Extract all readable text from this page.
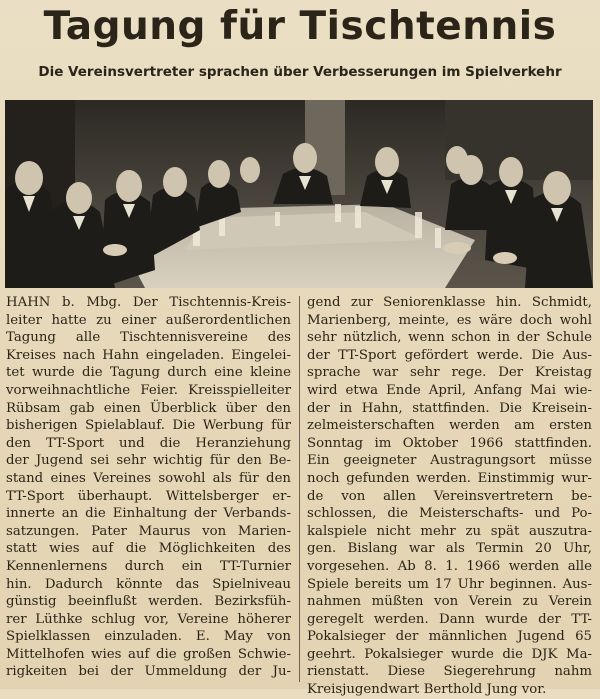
Tagung für Tischtennis
Die Vereinsvertreter sprachen über Verbesserungen im Spielverkehr
HAHN b. Mbg. Der Tischtennis-Kreis-
leiter hatte zu einer außerordentlichen
Tagung alle Tischtennisvereine des
Kreises nach Hahn eingeladen. Eingelei-
tet wurde die Tagung durch eine kleine
vorweihnachtliche Feier. Kreisspielleiter
Rübsam gab einen Überblick über den
bisherigen Spielablauf. Die Werbung für
den TT-Sport und die Heranziehung
der Jugend sei sehr wichtig für den Be-
stand eines Vereines sowohl als für den
TT-Sport überhaupt. Wittelsberger er-
innerte an die Einhaltung der Verbands-
satzungen. Pater Maurus von Marien-
statt wies auf die Möglichkeiten des
Kennenlernens durch ein TT-Turnier
hin. Dadurch könnte das Spielniveau
günstig beeinflußt werden. Bezirksfüh-
rer Lüthke schlug vor, Vereine höherer
Spielklassen einzuladen. E. May von
Mittelhofen wies auf die großen Schwie-
rigkeiten bei der Ummeldung der Ju-
gend zur Seniorenklasse hin. Schmidt,
Marienberg, meinte, es wäre doch wohl
sehr nützlich, wenn schon in der Schule
der TT-Sport gefördert werde. Die Aus-
sprache war sehr rege. Der Kreistag
wird etwa Ende April, Anfang Mai wie-
der in Hahn, stattfinden. Die Kreisein-
zelmeisterschaften werden am ersten
Sonntag im Oktober 1966 stattfinden.
Ein geeigneter Austragungsort müsse
noch gefunden werden. Einstimmig wur-
de von allen Vereinsvertretern be-
schlossen, die Meisterschafts- und Po-
kalspiele nicht mehr zu spät auszutra-
gen. Bislang war als Termin 20 Uhr,
vorgesehen. Ab 8. 1. 1966 werden alle
Spiele bereits um 17 Uhr beginnen. Aus-
nahmen müßten von Verein zu Verein
geregelt werden. Dann wurde der TT-
Pokalsieger der männlichen Jugend 65
geehrt. Pokalsieger wurde die DJK Ma-
rienstatt. Diese Siegerehrung nahm
Kreisjugendwart Berthold Jung vor.
